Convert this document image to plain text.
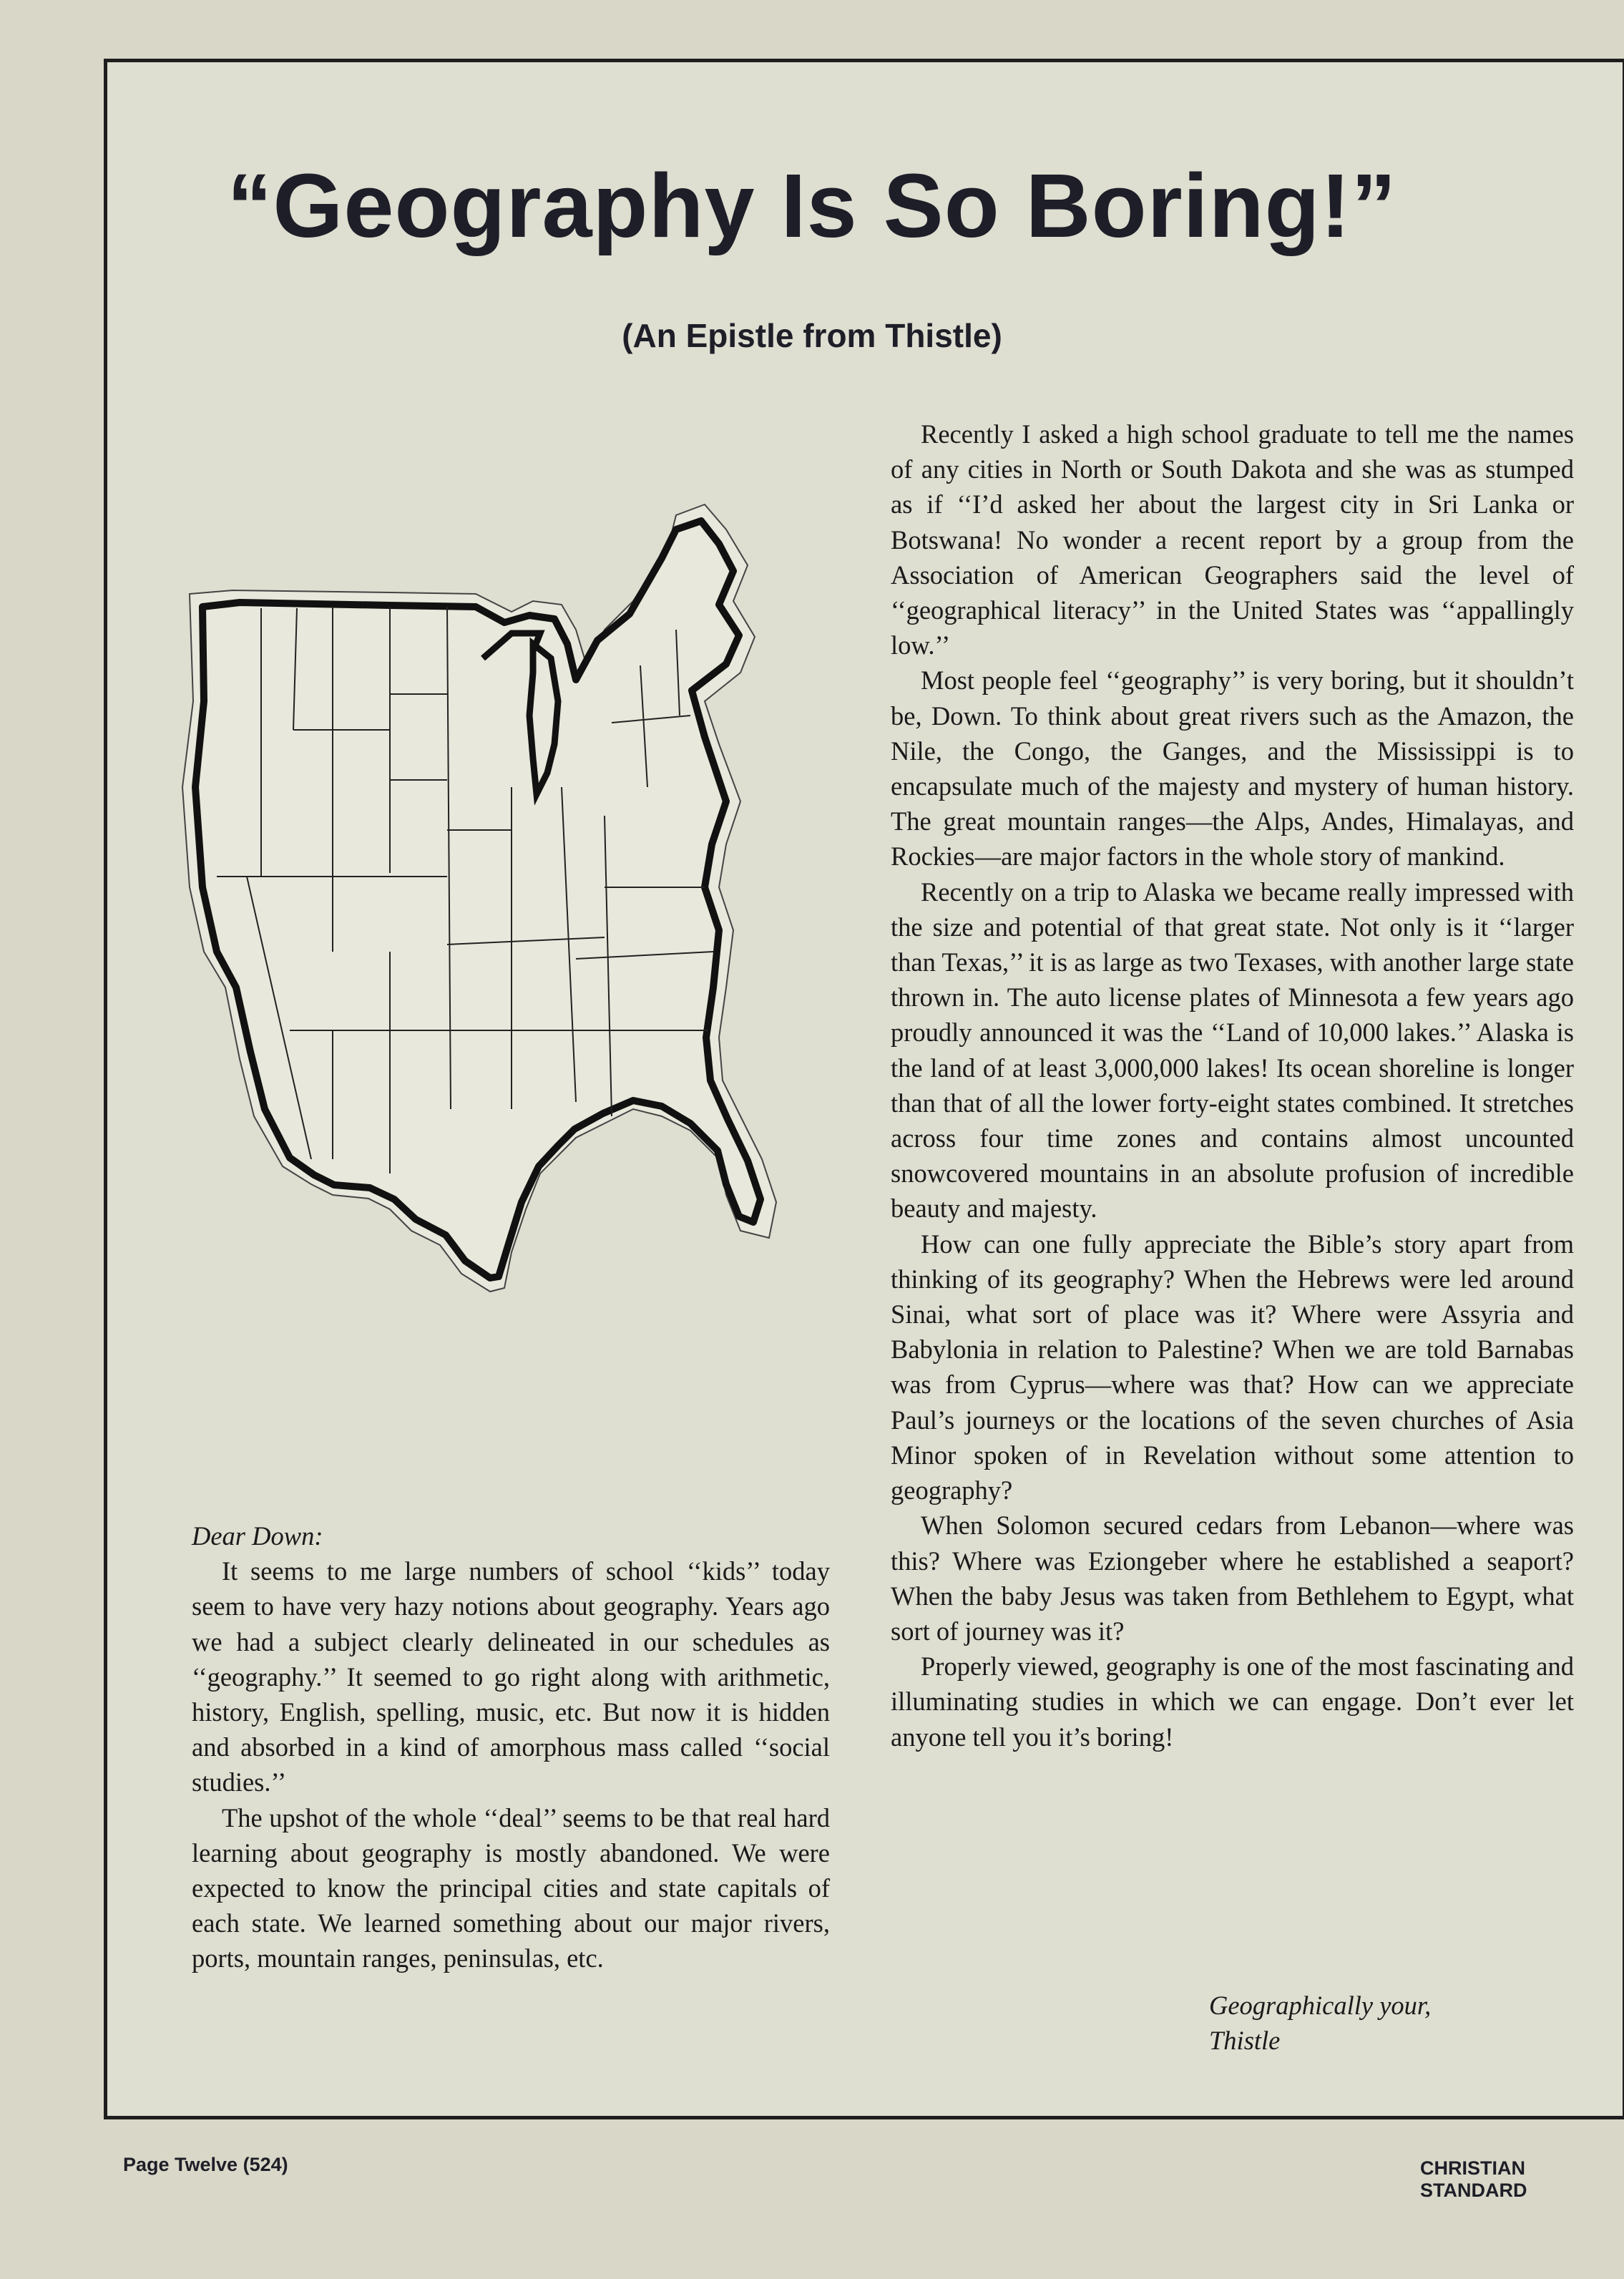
“Geography Is So Boring!”
(An Epistle from Thistle)

Recently I asked a high school graduate to tell me the names of any cities in North or South Dakota and she was as stumped as if ‘‘I’d asked her about the largest city in Sri Lanka or Botswana! No wonder a recent report by a group from the Association of American Geographers said the level of ‘‘geographical literacy’’ in the United States was ‘‘appallingly low.’’

Most people feel ‘‘geography’’ is very boring, but it shouldn’t be, Down. To think about great rivers such as the Amazon, the Nile, the Congo, the Ganges, and the Mississippi is to encapsulate much of the majesty and mystery of human history. The great mountain ranges—the Alps, Andes, Himalayas, and Rockies—are major factors in the whole story of mankind.

Recently on a trip to Alaska we became really impressed with the size and potential of that great state. Not only is it ‘‘larger than Texas,’’ it is as large as two Texases, with another large state thrown in. The auto license plates of Minnesota a few years ago proudly announced it was the ‘‘Land of 10,000 lakes.’’ Alaska is the land of at least 3,000,000 lakes! Its ocean shoreline is longer than that of all the lower forty-eight states combined. It stretches across four time zones and contains almost uncounted snowcovered mountains in an absolute profusion of incredible beauty and majesty.

How can one fully appreciate the Bible’s story apart from thinking of its geography? When the Hebrews were led around Sinai, what sort of place was it? Where were Assyria and Babylonia in relation to Palestine? When we are told Barnabas was from Cyprus—where was that? How can we appreciate Paul’s journeys or the locations of the seven churches of Asia Minor spoken of in Revelation without some attention to geography?

When Solomon secured cedars from Lebanon—where was this? Where was Eziongeber where he established a seaport? When the baby Jesus was taken from Bethlehem to Egypt, what sort of journey was it?

Properly viewed, geography is one of the most fascinating and illuminating studies in which we can engage. Don’t ever let anyone tell you it’s boring!

Geographically your,
Thistle

Dear Down:

It seems to me large numbers of school ‘‘kids’’ today seem to have very hazy notions about geography. Years ago we had a subject clearly delineated in our schedules as ‘‘geography.’’ It seemed to go right along with arithmetic, history, English, spelling, music, etc. But now it is hidden and absorbed in a kind of amorphous mass called ‘‘social studies.’’

The upshot of the whole ‘‘deal’’ seems to be that real hard learning about geography is mostly abandoned. We were expected to know the principal cities and state capitals of each state. We learned something about our major rivers, ports, mountain ranges, peninsulas, etc.

Page Twelve (524)	CHRISTIAN STANDARD
